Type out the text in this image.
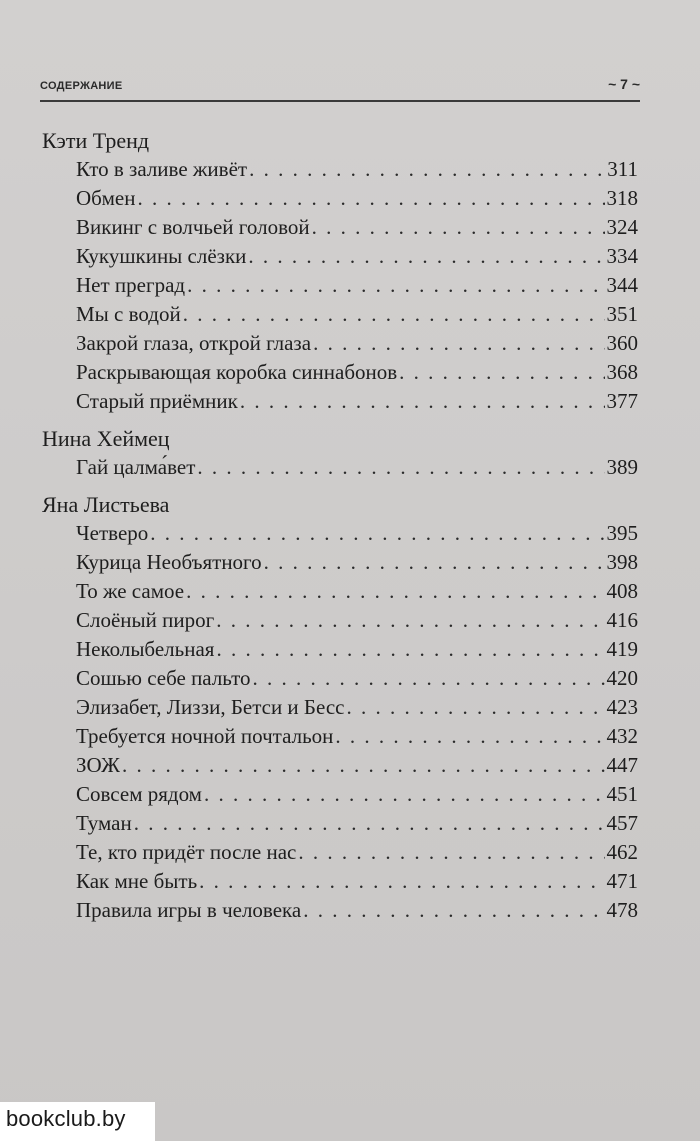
СОДЕРЖАНИЕ	~ 7 ~
Кэти Тренд
Кто в заливе живёт . . .	311
Обмен . . .	318
Викинг с волчьей головой . . .	324
Кукушкины слёзки . . .	334
Нет преград . . .	344
Мы с водой . . .	351
Закрой глаза, открой глаза . . .	360
Раскрывающая коробка синнабонов . . .	368
Старый приёмник . . .	377
Нина Хеймец
Гай цалма́вет . . .	389
Яна Листьева
Четверо . . .	395
Курица Необъятного . . .	398
То же самое . . .	408
Слоёный пирог . . .	416
Неколыбельная . . .	419
Сошью себе пальто . . .	420
Элизабет, Лиззи, Бетси и Бесс . . .	423
Требуется ночной почтальон . . .	432
ЗОЖ . . .	447
Совсем рядом . . .	451
Туман . . .	457
Те, кто придёт после нас . . .	462
Как мне быть . . .	471
Правила игры в человека . . .	478
bookclub.by
